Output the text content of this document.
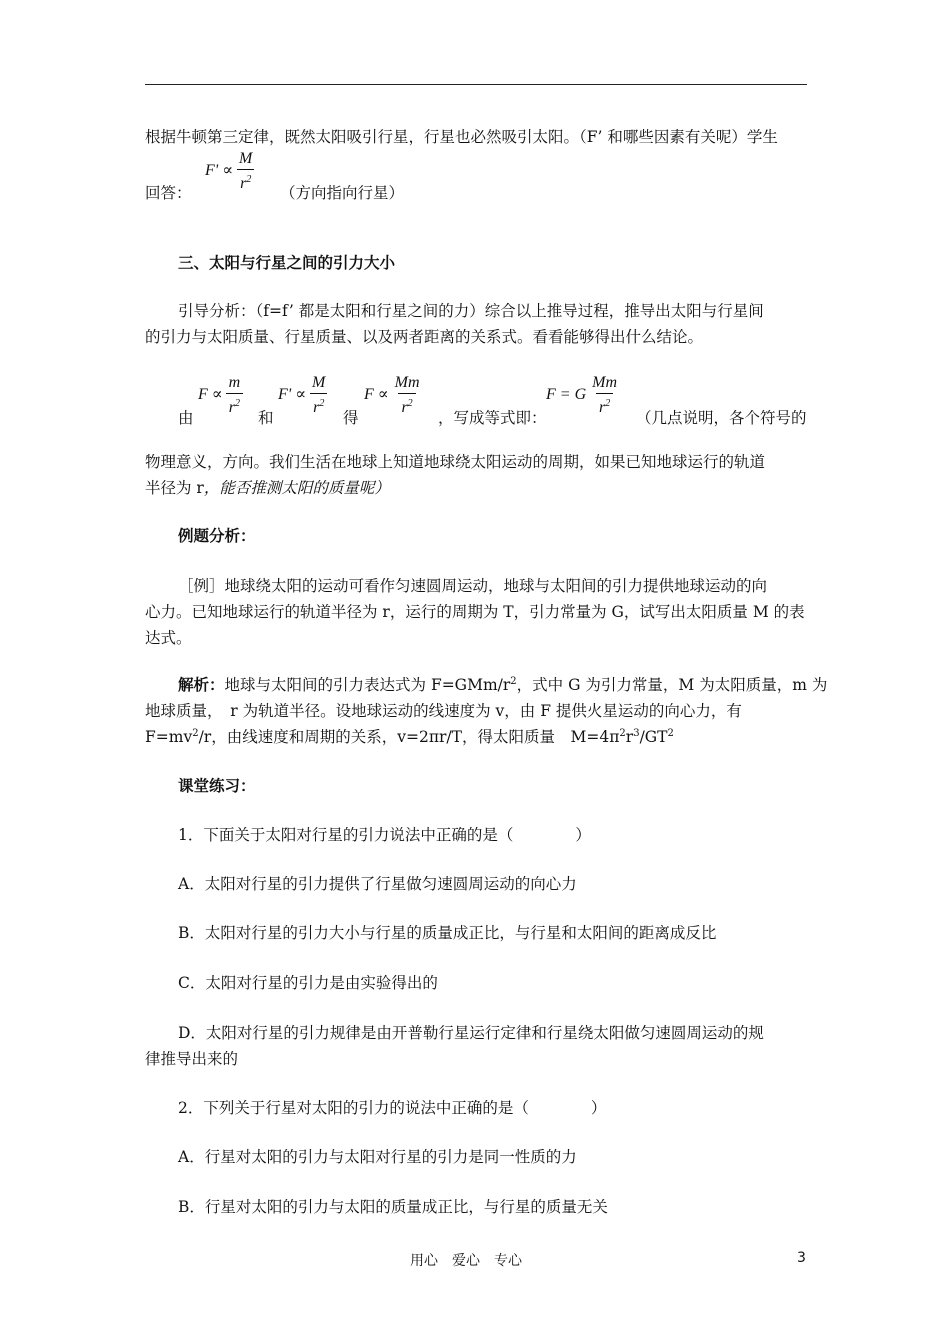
根据牛顿第三定律，既然太阳吸引行星，行星也必然吸引太阳。（F’ 和哪些因素有关呢）学生
$F' \propto \frac{M}{r^2}$
回答：	（方向指向行星）
三、太阳与行星之间的引力大小
引导分析：（f=f’ 都是太阳和行星之间的力）综合以上推导过程，推导出太阳与行星间
的引力与太阳质量、行星质量、以及两者距离的关系式。看看能够得出什么结论。
由
$F \propto \frac{m}{r^2}$
和
$F' \propto \frac{M}{r^2}$
得
$F \propto \frac{Mm}{r^2}$
，写成等式即：
F = G $\frac{Mm}{r^2}$
（几点说明，各个符号的
物理意义，方向。我们生活在地球上知道地球绕太阳运动的周期，如果已知地球运行的轨道
半径为 r，能否推测太阳的质量呢）
例题分析：
［例］地球绕太阳的运动可看作匀速圆周运动，地球与太阳间的引力提供地球运动的向
心力。已知地球运行的轨道半径为 r，运行的周期为 T，引力常量为 G，试写出太阳质量 M 的表
达式。
解析：地球与太阳间的引力表达式为 $F=GMm/r^2$，式中 G 为引力常量，M 为太阳质量，m 为
地球质量，　r 为轨道半径。设地球运动的线速度为 v，由 F 提供火星运动的向心力，有
$F=mv^2/r$，由线速度和周期的关系，v=2πr/T，得太阳质量　$M=4\pi^2r^3/GT^2$
课堂练习：
1．下面关于太阳对行星的引力说法中正确的是（　　　　）
A．太阳对行星的引力提供了行星做匀速圆周运动的向心力
B．太阳对行星的引力大小与行星的质量成正比，与行星和太阳间的距离成反比
C．太阳对行星的引力是由实验得出的
D．太阳对行星的引力规律是由开普勒行星运行定律和行星绕太阳做匀速圆周运动的规
律推导出来的
2．下列关于行星对太阳的引力的说法中正确的是（　　　　）
A．行星对太阳的引力与太阳对行星的引力是同一性质的力
B．行星对太阳的引力与太阳的质量成正比，与行星的质量无关
用心　爱心　专心	3
